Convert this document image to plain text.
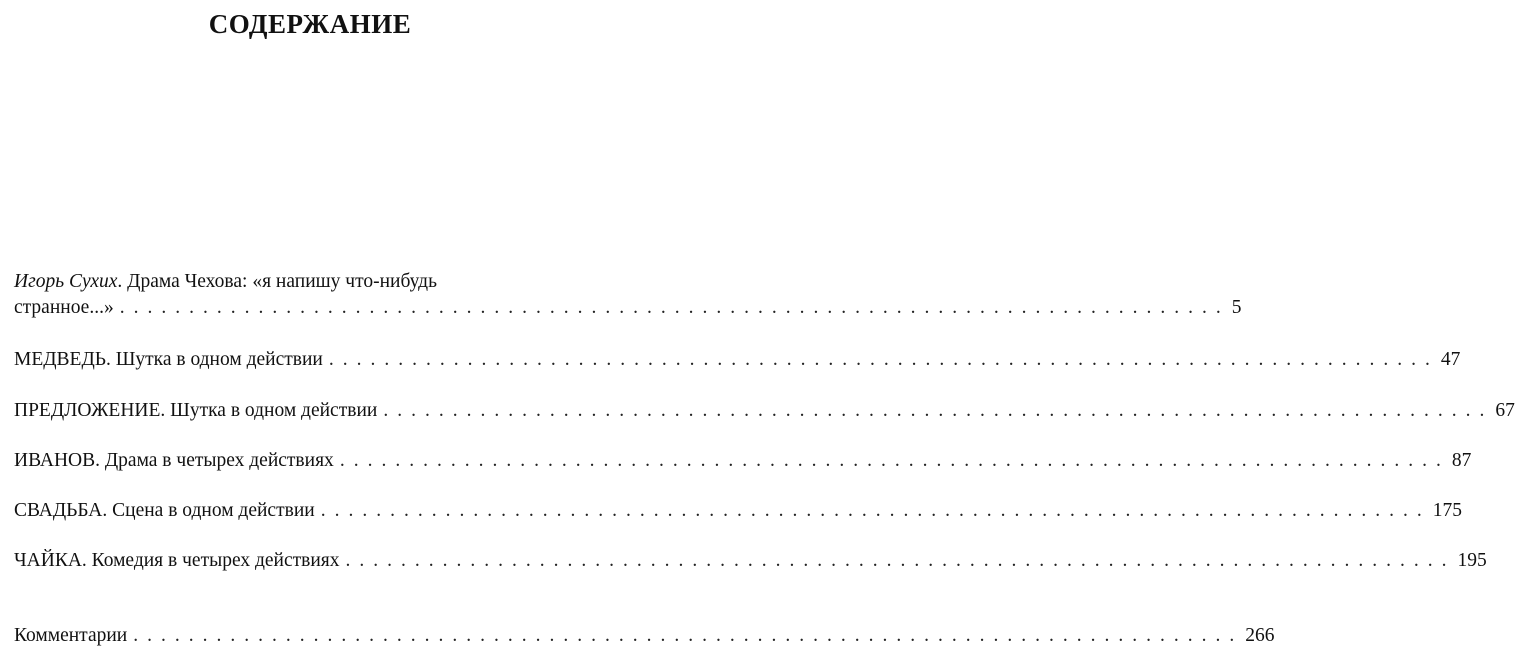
СОДЕРЖАНИЕ
Игорь Сухих. Драма Чехова: «я напишу что-нибудь
странное...» ................................................................................ 5
МЕДВЕДЬ. Шутка в одном действии ................................................................................ 47
ПРЕДЛОЖЕНИЕ. Шутка в одном действии ................................................................................ 67
ИВАНОВ. Драма в четырех действиях ................................................................................ 87
СВАДЬБА. Сцена в одном действии ................................................................................ 175
ЧАЙКА. Комедия в четырех действиях ................................................................................ 195
Комментарии ................................................................................ 266
